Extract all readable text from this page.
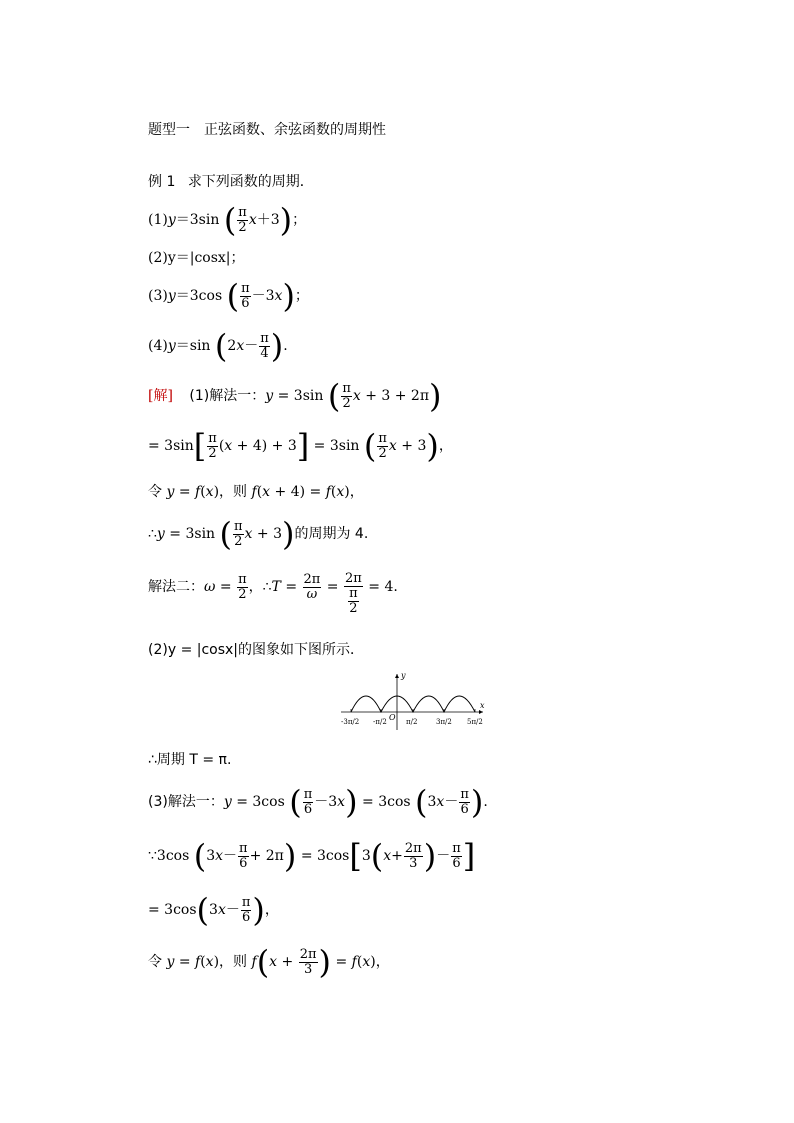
题型一　正弦函数、余弦函数的周期性
例 1 求下列函数的周期．
(1)y＝3sin ( $\frac{\pi}{2} x+3$)；
(2)y＝|cosx|；
(3)y＝3cos ( $\frac{\pi}{6} -3x$)；
(4)y＝sin ($2x- \frac{\pi}{4}$ ).
[解] (1)解法一：y = 3sin ( $\frac{\pi}{2}$ x + 3 + 2π)
= $3\sin[ \frac{\pi}{2} (x + 4) + 3] = 3\sin$ ( $\frac{\pi}{2}$ x + 3)，
令 y = f(x)，则 f(x + 4) = f(x)，
∴y = 3sin ( $\frac{\pi}{2}$ x + 3)的周期为 4.
解法二：$\omega = \frac{\pi}{2}$ ，∴T = $\frac{2\pi}{\omega} = \frac{2\pi}{\frac{\pi}{2}} = 4$.
(2)y = |cosx|的图象如下图所示．
y
x
O
-3π/2 -π/2	π/2	3π/2 5π/2
∴周期 T = π.
(3)解法一：y = 3cos ( $\frac{\pi}{6} -3x) = 3\cos$ ($3x- \frac{\pi}{6}$ ).
∵3cos $(3x- \frac{\pi}{6} + 2\pi) = 3\cos[3(x+ \frac{2\pi}{3}$ )－ $\frac{\pi}{6}$ ]
= $3\cos(3x- \frac{\pi}{6}$ )，
令 y = f(x)，则 $f(x + \frac{2\pi}{3}$ ) = f(x)，
